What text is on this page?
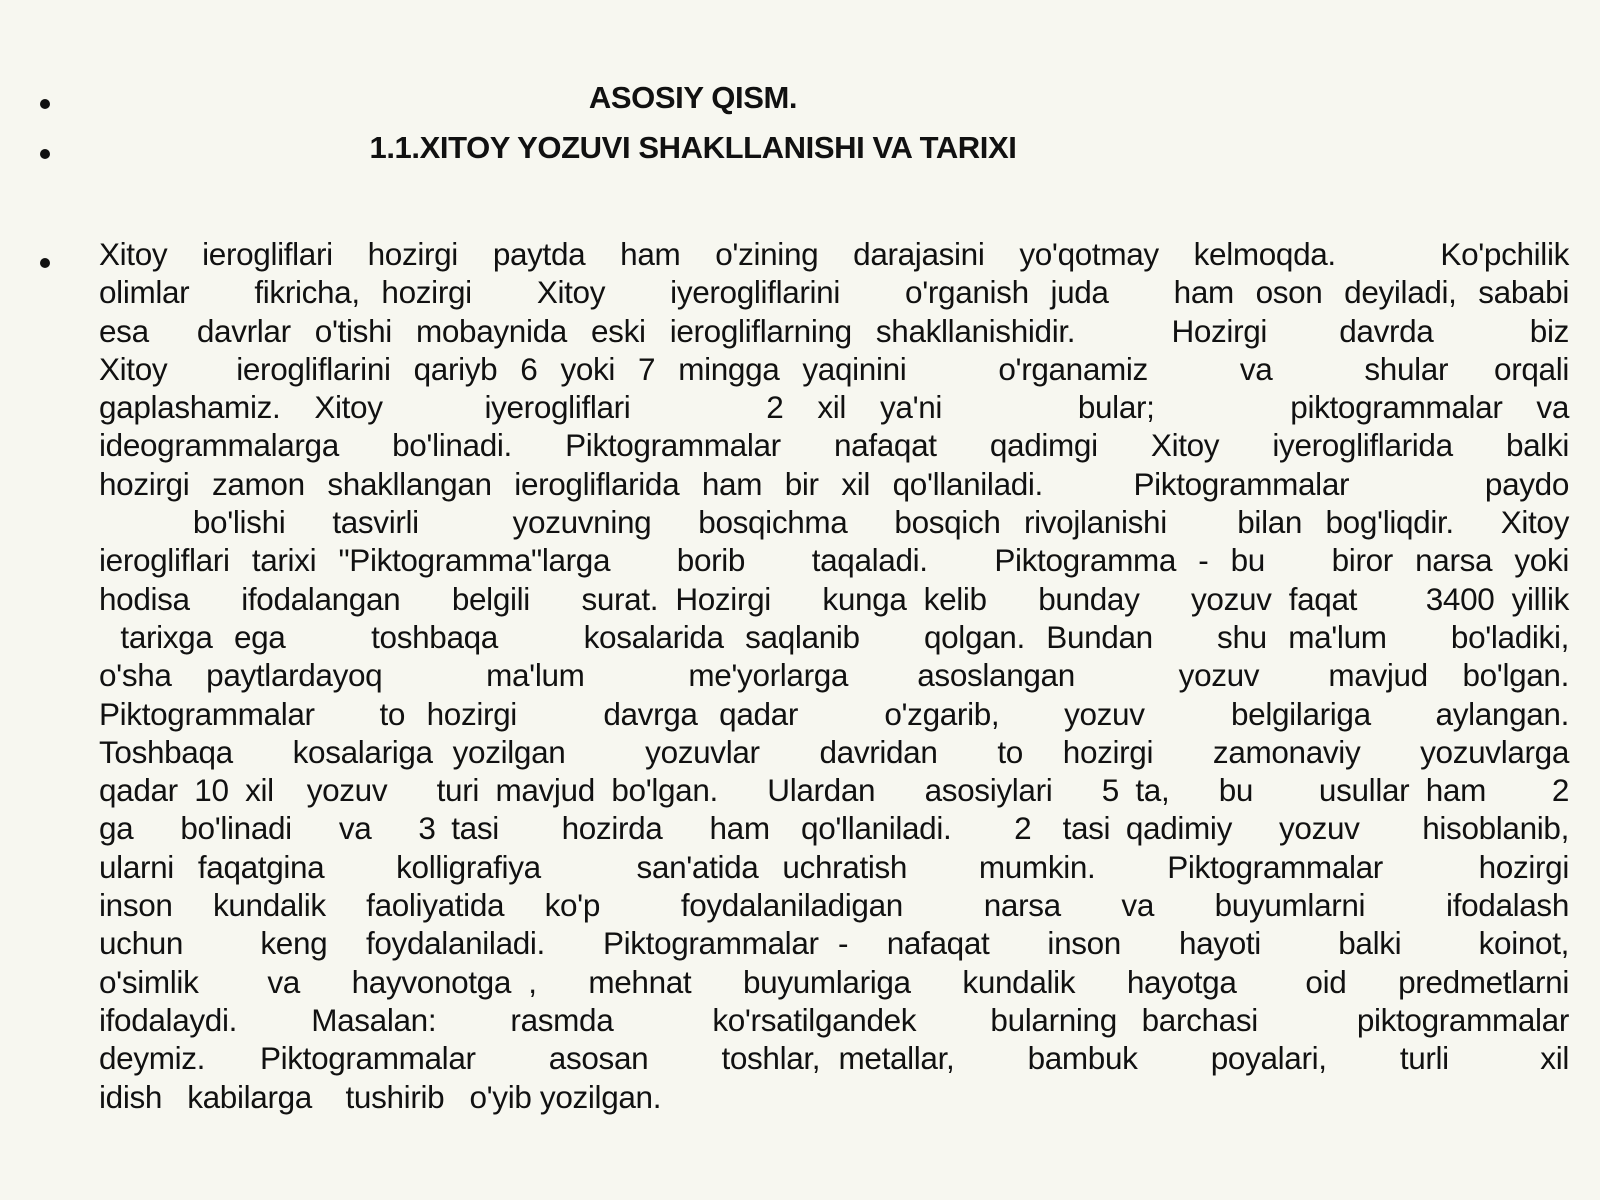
ASOSIY QISM.
1.1.XITOY YOZUVI SHAKLLANISHI VA TARIXI
Xitoy ierogliflari hozirgi paytda ham o'zining darajasini yo'qotmay kelmoqda.   Ko'pchilik
olimlar   fikricha, hozirgi   Xitoy   iyerogliflarini   o'rganish juda   ham oson deyiladi, sababi
esa  davrlar o'tishi mobaynida eski ierogliflarning shakllanishidir.    Hozirgi   davrda    biz
Xitoy   ierogliflarini qariyb 6 yoki 7 mingga yaqinini    o'rganamiz    va    shular  orqali
gaplashamiz. Xitoy   iyerogliflari    2 xil ya'ni    bular;    piktogrammalar va
ideogrammalarga bo'linadi. Piktogrammalar nafaqat qadimgi Xitoy iyerogliflarida balki
hozirgi zamon shakllangan ierogliflarida ham bir xil qo'llaniladi.    Piktogrammalar      paydo
bo'lishi  tasvirli    yozuvning  bosqichma  bosqich rivojlanishi   bilan bog'liqdir.  Xitoy
ierogliflari tarixi "Piktogramma"larga   borib   taqaladi.   Piktogramma - bu   biror narsa yoki
hodisa   ifodalangan   belgili   surat. Hozirgi   kunga kelib   bunday   yozuv faqat    3400 yillik
tarixga ega    toshbaqa    kosalarida saqlanib   qolgan. Bundan   shu ma'lum   bo'ladiki,
o'sha paytlardayoq   ma'lum   me'yorlarga  asoslangan   yozuv  mavjud bo'lgan.
Piktogrammalar   to hozirgi    davrga qadar    o'zgarib,   yozuv    belgilariga   aylangan.
Toshbaqa   kosalariga yozilgan    yozuvlar   davridan   to  hozirgi   zamonaviy   yozuvlarga
qadar 10 xil  yozuv   turi mavjud bo'lgan.   Ulardan   asosiylari   5 ta,   bu    usullar ham    2
ga   bo'linadi   va   3 tasi    hozirda   ham  qo'llaniladi.    2  tasi qadimiy   yozuv    hisoblanib,
ularni faqatgina   kolligrafiya    san'atida uchratish   mumkin.   Piktogrammalar    hozirgi
inson  kundalik  faoliyatida  ko'p    foydalaniladigan    narsa   va   buyumlarni    ifodalash
uchun    keng  foydalaniladi.   Piktogrammalar -  nafaqat   inson   hayoti    balki    koinot,
o'simlik    va   hayvonotga ,   mehnat   buyumlariga   kundalik   hayotga    oid   predmetlarni
ifodalaydi.   Masalan:   rasmda    ko'rsatilgandek   bularning barchasi    piktogrammalar
deymiz.   Piktogrammalar    asosan    toshlar, metallar,    bambuk    poyalari,    turli     xil
idish   kabilarga    tushirib   o'yib yozilgan.
